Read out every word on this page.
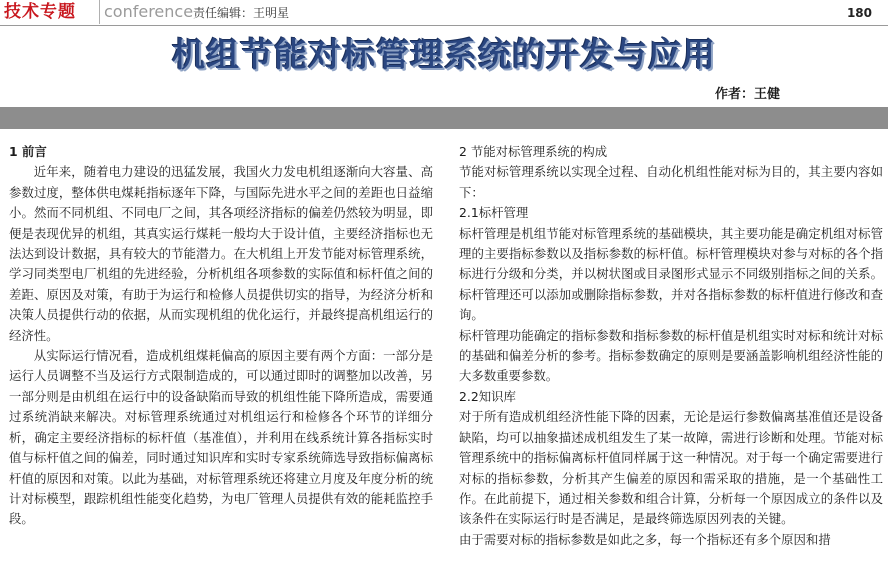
技术专题	conference 责任编辑：王明星	180
机组节能对标管理系统的开发与应用
作者：王健

1 前言

近年来，随着电力建设的迅猛发展，我国火力发电机组逐渐向大容量、高参数过度，整体供电煤耗指标逐年下降，与国际先进水平之间的差距也日益缩小。然而不同机组、不同电厂之间，其各项经济指标的偏差仍然较为明显，即便是表现优异的机组，其真实运行煤耗一般均大于设计值，主要经济指标也无法达到设计数据，具有较大的节能潜力。在大机组上开发节能对标管理系统，学习同类型电厂机组的先进经验，分析机组各项参数的实际值和标杆值之间的差距、原因及对策，有助于为运行和检修人员提供切实的指导，为经济分析和决策人员提供行动的依据，从而实现机组的优化运行，并最终提高机组运行的经济性。

从实际运行情况看，造成机组煤耗偏高的原因主要有两个方面：一部分是运行人员调整不当及运行方式限制造成的，可以通过即时的调整加以改善，另一部分则是由机组在运行中的设备缺陷而导致的机组性能下降所造成，需要通过系统消缺来解决。对标管理系统通过对机组运行和检修各个环节的详细分析，确定主要经济指标的标杆值（基准值），并利用在线系统计算各指标实时值与标杆值之间的偏差，同时通过知识库和实时专家系统筛选导致指标偏离标杆值的原因和对策。以此为基础，对标管理系统还将建立月度及年度分析的统计对标模型，跟踪机组性能变化趋势，为电厂管理人员提供有效的能耗监控手段。

2 节能对标管理系统的构成

节能对标管理系统以实现全过程、自动化机组性能对标为目的，其主要内容如下：

2.1标杆管理

标杆管理是机组节能对标管理系统的基础模块，其主要功能是确定机组对标管理的主要指标参数以及指标参数的标杆值。标杆管理模块对参与对标的各个指标进行分级和分类，并以树状图或目录图形式显示不同级别指标之间的关系。标杆管理还可以添加或删除指标参数，并对各指标参数的标杆值进行修改和查询。

标杆管理功能确定的指标参数和指标参数的标杆值是机组实时对标和统计对标的基础和偏差分析的参考。指标参数确定的原则是要涵盖影响机组经济性能的大多数重要参数。

2.2知识库

对于所有造成机组经济性能下降的因素，无论是运行参数偏离基准值还是设备缺陷，均可以抽象描述成机组发生了某一故障，需进行诊断和处理。节能对标管理系统中的指标偏离标杆值同样属于这一种情况。对于每一个确定需要进行对标的指标参数，分析其产生偏差的原因和需采取的措施，是一个基础性工作。在此前提下，通过相关参数和组合计算，分析每一个原因成立的条件以及该条件在实际运行时是否满足，是最终筛选原因列表的关键。

由于需要对标的指标参数是如此之多，每一个指标还有多个原因和措
